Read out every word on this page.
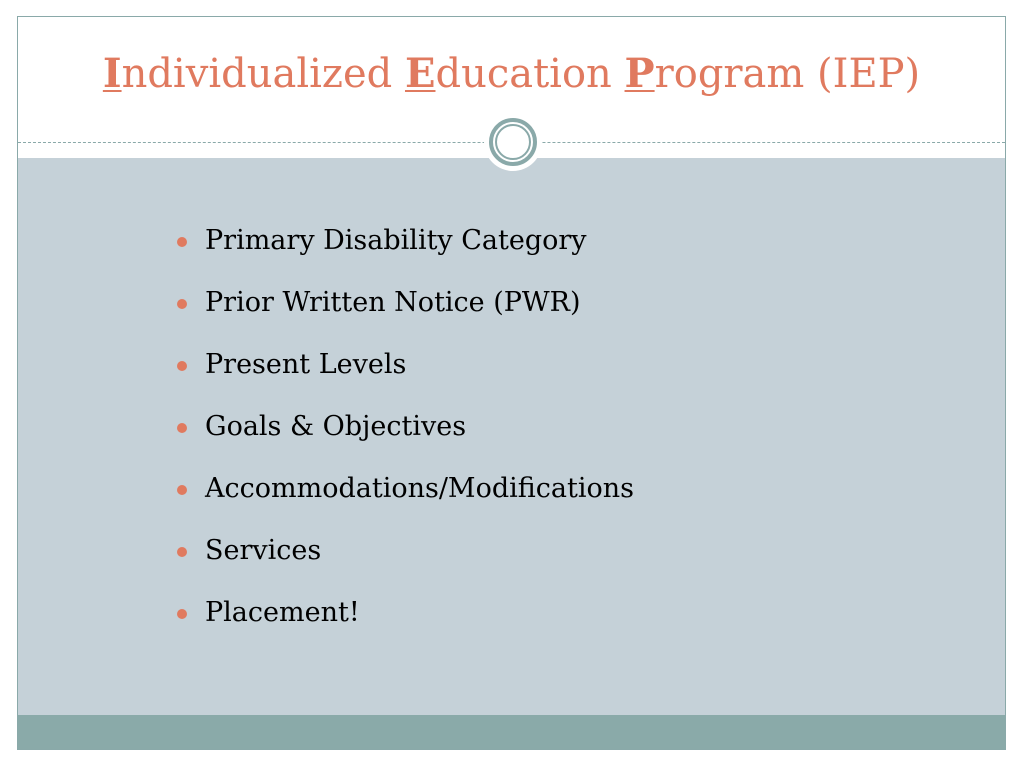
Individualized Education Program (IEP)
Primary Disability Category
Prior Written Notice (PWR)
Present Levels
Goals & Objectives
Accommodations/Modifications
Services
Placement!
